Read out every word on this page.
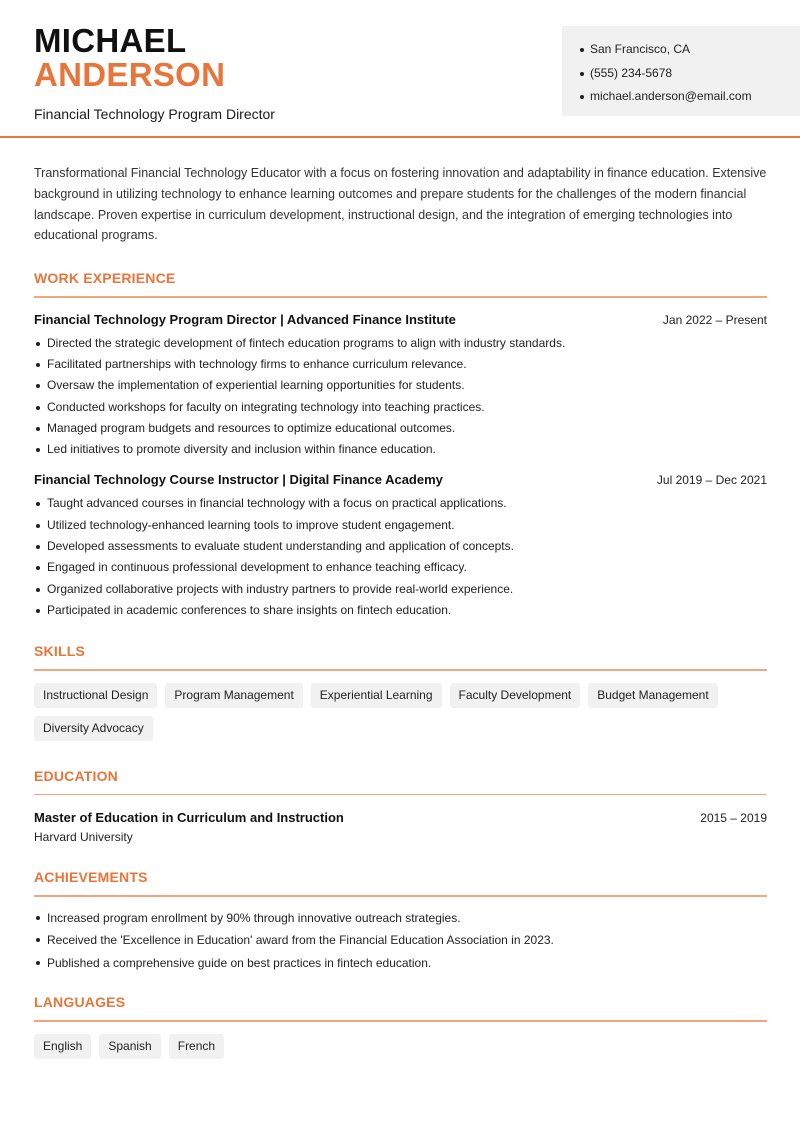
MICHAEL
ANDERSON
Financial Technology Program Director
San Francisco, CA
(555) 234-5678
michael.anderson@email.com

Transformational Financial Technology Educator with a focus on fostering innovation and adaptability in finance education. Extensive background in utilizing technology to enhance learning outcomes and prepare students for the challenges of the modern financial landscape. Proven expertise in curriculum development, instructional design, and the integration of emerging technologies into educational programs.

WORK EXPERIENCE
Financial Technology Program Director | Advanced Finance Institute	Jan 2022 – Present
Directed the strategic development of fintech education programs to align with industry standards.
Facilitated partnerships with technology firms to enhance curriculum relevance.
Oversaw the implementation of experiential learning opportunities for students.
Conducted workshops for faculty on integrating technology into teaching practices.
Managed program budgets and resources to optimize educational outcomes.
Led initiatives to promote diversity and inclusion within finance education.
Financial Technology Course Instructor | Digital Finance Academy	Jul 2019 – Dec 2021
Taught advanced courses in financial technology with a focus on practical applications.
Utilized technology-enhanced learning tools to improve student engagement.
Developed assessments to evaluate student understanding and application of concepts.
Engaged in continuous professional development to enhance teaching efficacy.
Organized collaborative projects with industry partners to provide real-world experience.
Participated in academic conferences to share insights on fintech education.
SKILLS
Instructional Design	Program Management	Experiential Learning	Faculty Development	Budget Management
Diversity Advocacy
EDUCATION
Master of Education in Curriculum and Instruction	2015 – 2019
Harvard University
ACHIEVEMENTS
Increased program enrollment by 90% through innovative outreach strategies.
Received the 'Excellence in Education' award from the Financial Education Association in 2023.
Published a comprehensive guide on best practices in fintech education.
LANGUAGES
English	Spanish	French
